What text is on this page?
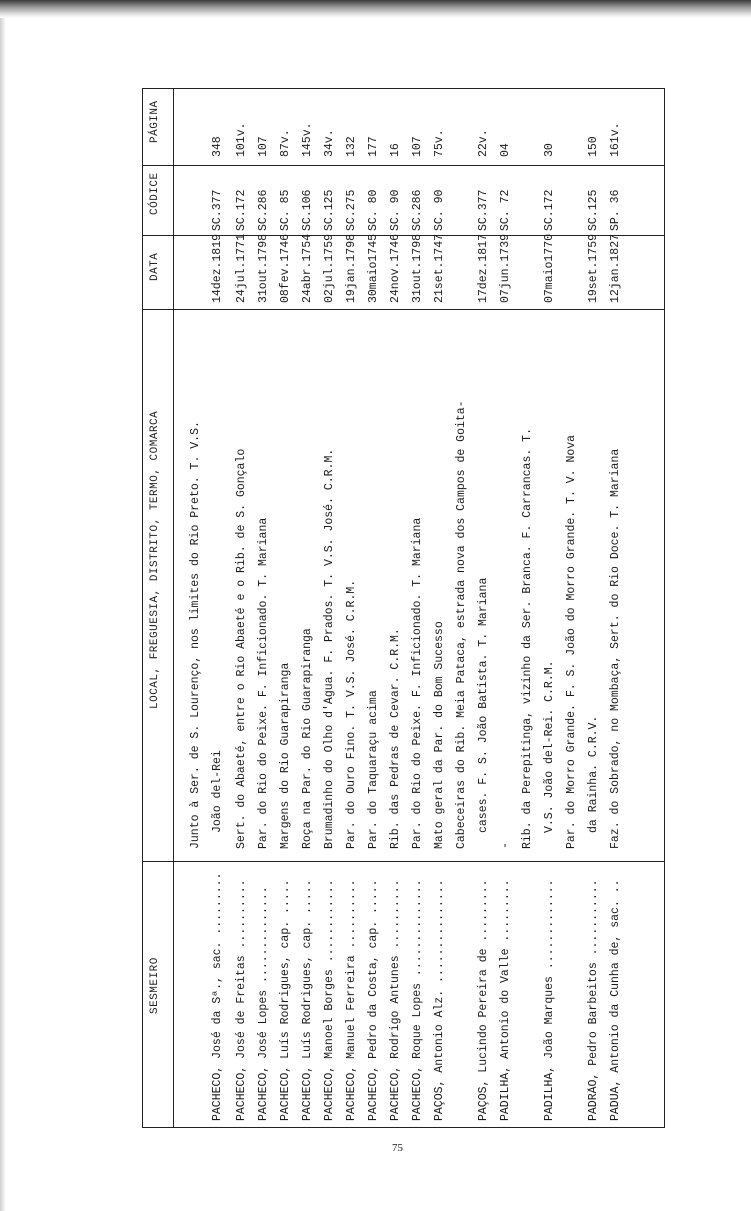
SESMEIRO
LOCAL, FREGUESIA, DISTRITO, TERMO, COMARCA
DATA
CÓDICE
PÁGINA
PACHECO, José da Sª., sac. .........
Junto à Ser. de S. Lourenço, nos limites do Rio Preto. T. V.S.
14dez.1819
SC.377
348
João del-Rei
PACHECO, José de Freitas ..........
Sert. do Abaeté, entre o Rio Abaeté e o Rib. de S. Gonçalo
24jul.1771
SC.172
101v.
PACHECO, José Lopes ..............
Par. do Rio do Peixe. F. Inficionado. T. Mariana
31out.1798
SC.286
107
PACHECO, Luís Rodrigues, cap. .....
Margens do Rio Guarapiranga
08fev.1746
SC. 85
87v.
PACHECO, Luís Rodrigues, cap. .....
Roça na Par. do Rio Guarapiranga
24abr.1754
SC.106
145v.
PACHECO, Manoel Borges ............
Brumadinho do Olho d'Água. F. Prados. T. V.S. José. C.R.M.
02jul.1759
SC.125
34v.
PACHECO, Manuel Ferreira ..........
Par. do Ouro Fino. T. V.S. José. C.R.M.
19jan.1798
SC.275
132
PACHECO, Pedro da Costa, cap. .....
Par. do Taquaraçu acima
30maio1745
SC. 80
177
PACHECO, Rodrigo Antunes ..........
Rib. das Pedras de Cevar. C.R.M.
24nov.1746
SC. 90
16
PACHECO, Roque Lopes ..............
Par. do Rio do Peixe. F. Inficionado. T. Mariana
31out.1798
SC.286
107
PAÇOS, Antonio Alz. ...............
Mato geral da Par. do Bom Sucesso
21set.1747
SC. 90
75v.
PAÇOS, Lucindo Pereira de .........
Cabeceiras do Rib. Meia Pataca, estrada nova dos Campos de Goita-
17dez.1817
SC.377
22v.
cases. F. S. João Batista. T. Mariana
PADILHA, Antonio do Valle .........
-
07jun.1739
SC. 72
04
PADILHA, João Marques .............
Rib. da Perepitinga, vizinho da Ser. Branca. F. Carrancas. T.
07maio1770
SC.172
30
V.S. João del-Rei. C.R.M.
PADRÃO, Pedro Barbeitos ...........
Par. do Morro Grande. F. S. João do Morro Grande. T. V. Nova
19set.1759
SC.125
150
da Rainha. C.R.V.
PADUA, Antonio da Cunha de, sac. ..
Faz. do Sobrado, no Mombaça, Sert. do Rio Doce. T. Mariana
12jan.1827
SP. 36
161v.
75
